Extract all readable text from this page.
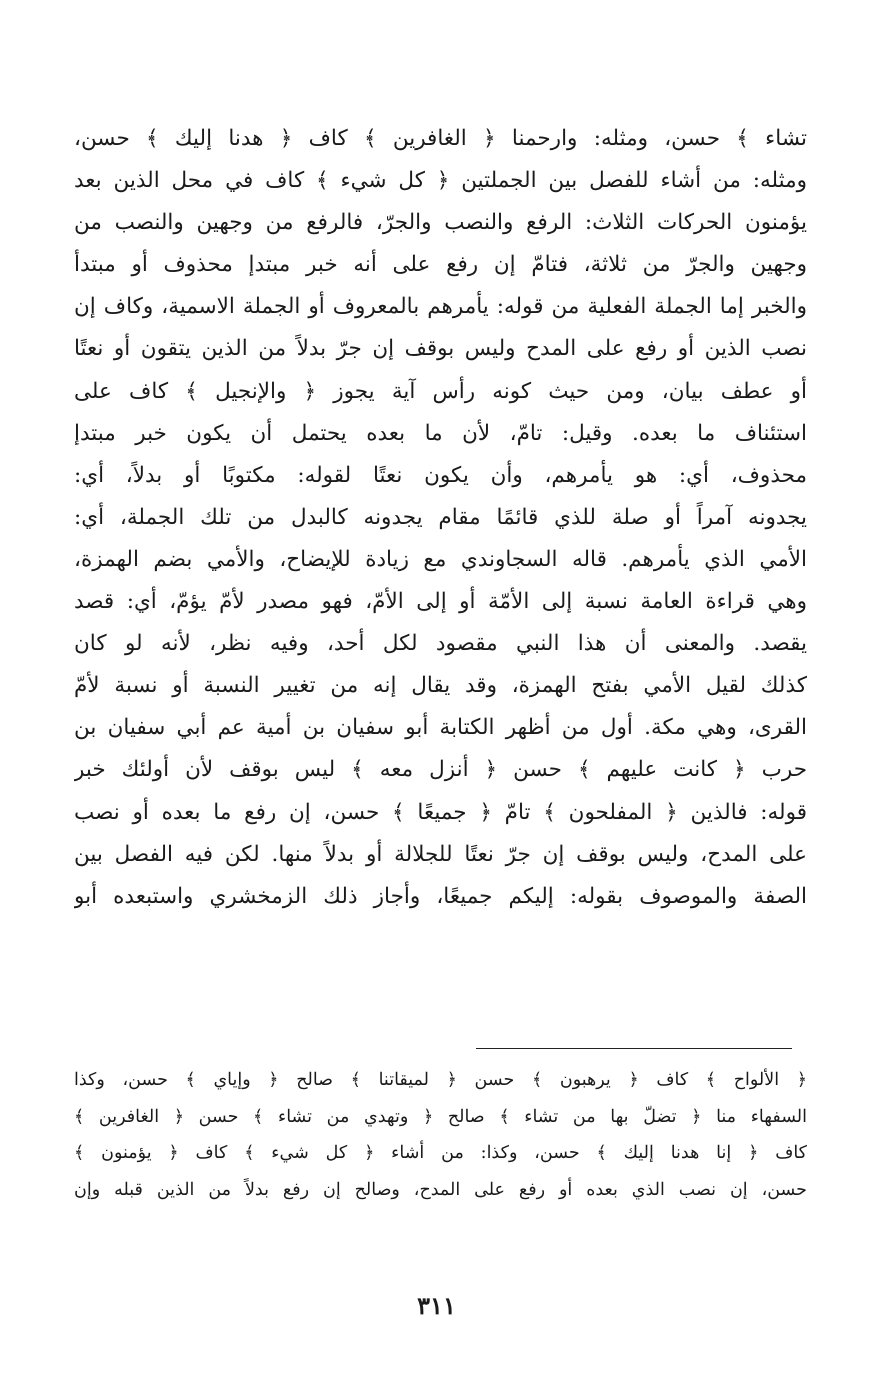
تشاء ﴾ حسن، ومثله: وارحمنا ﴿ الغافرين ﴾ كاف ﴿ هدنا إليك ﴾ حسن،
ومثله: من أشاء للفصل بين الجملتين ﴿ كل شيء ﴾ كاف في محل الذين بعد
يؤمنون الحركات الثلاث: الرفع والنصب والجرّ، فالرفع من وجهين والنصب من
وجهين والجرّ من ثلاثة، فتامّ إن رفع على أنه خبر مبتدإ محذوف أو مبتدأ
والخبر إما الجملة الفعلية من قوله: يأمرهم بالمعروف أو الجملة الاسمية، وكاف إن
نصب الذين أو رفع على المدح وليس بوقف إن جرّ بدلاً من الذين يتقون أو نعتًا
أو عطف بيان، ومن حيث كونه رأس آية يجوز ﴿ والإنجيل ﴾ كاف على
استئناف ما بعده. وقيل: تامّ، لأن ما بعده يحتمل أن يكون خبر مبتدإ
محذوف، أي: هو يأمرهم، وأن يكون نعتًا لقوله: مكتوبًا أو بدلاً، أي:
يجدونه آمراً أو صلة للذي قائمًا مقام يجدونه كالبدل من تلك الجملة، أي:
الأمي الذي يأمرهم. قاله السجاوندي مع زيادة للإيضاح، والأمي بضم الهمزة،
وهي قراءة العامة نسبة إلى الأمّة أو إلى الأمّ، فهو مصدر لأمّ يؤمّ، أي: قصد
يقصد. والمعنى أن هذا النبي مقصود لكل أحد، وفيه نظر، لأنه لو كان
كذلك لقيل الأمي بفتح الهمزة، وقد يقال إنه من تغيير النسبة أو نسبة لأمّ
القرى، وهي مكة. أول من أظهر الكتابة أبو سفيان بن أمية عم أبي سفيان بن
حرب ﴿ كانت عليهم ﴾ حسن ﴿ أنزل معه ﴾ ليس بوقف لأن أولئك خبر
قوله: فالذين ﴿ المفلحون ﴾ تامّ ﴿ جميعًا ﴾ حسن، إن رفع ما بعده أو نصب
على المدح، وليس بوقف إن جرّ نعتًا للجلالة أو بدلاً منها. لكن فيه الفصل بين
الصفة والموصوف بقوله: إليكم جميعًا، وأجاز ذلك الزمخشري واستبعده أبو
﴿ الألواح ﴾ كاف ﴿ يرهبون ﴾ حسن ﴿ لميقاتنا ﴾ صالح ﴿ وإياي ﴾ حسن، وكذا
السفهاء منا ﴿ تضلّ بها من تشاء ﴾ صالح ﴿ وتهدي من تشاء ﴾ حسن ﴿ الغافرين ﴾
كاف ﴿ إنا هدنا إليك ﴾ حسن، وكذا: من أشاء ﴿ كل شيء ﴾ كاف ﴿ يؤمنون ﴾
حسن، إن نصب الذي بعده أو رفع على المدح، وصالح إن رفع بدلاً من الذين قبله وإن
٣١١
